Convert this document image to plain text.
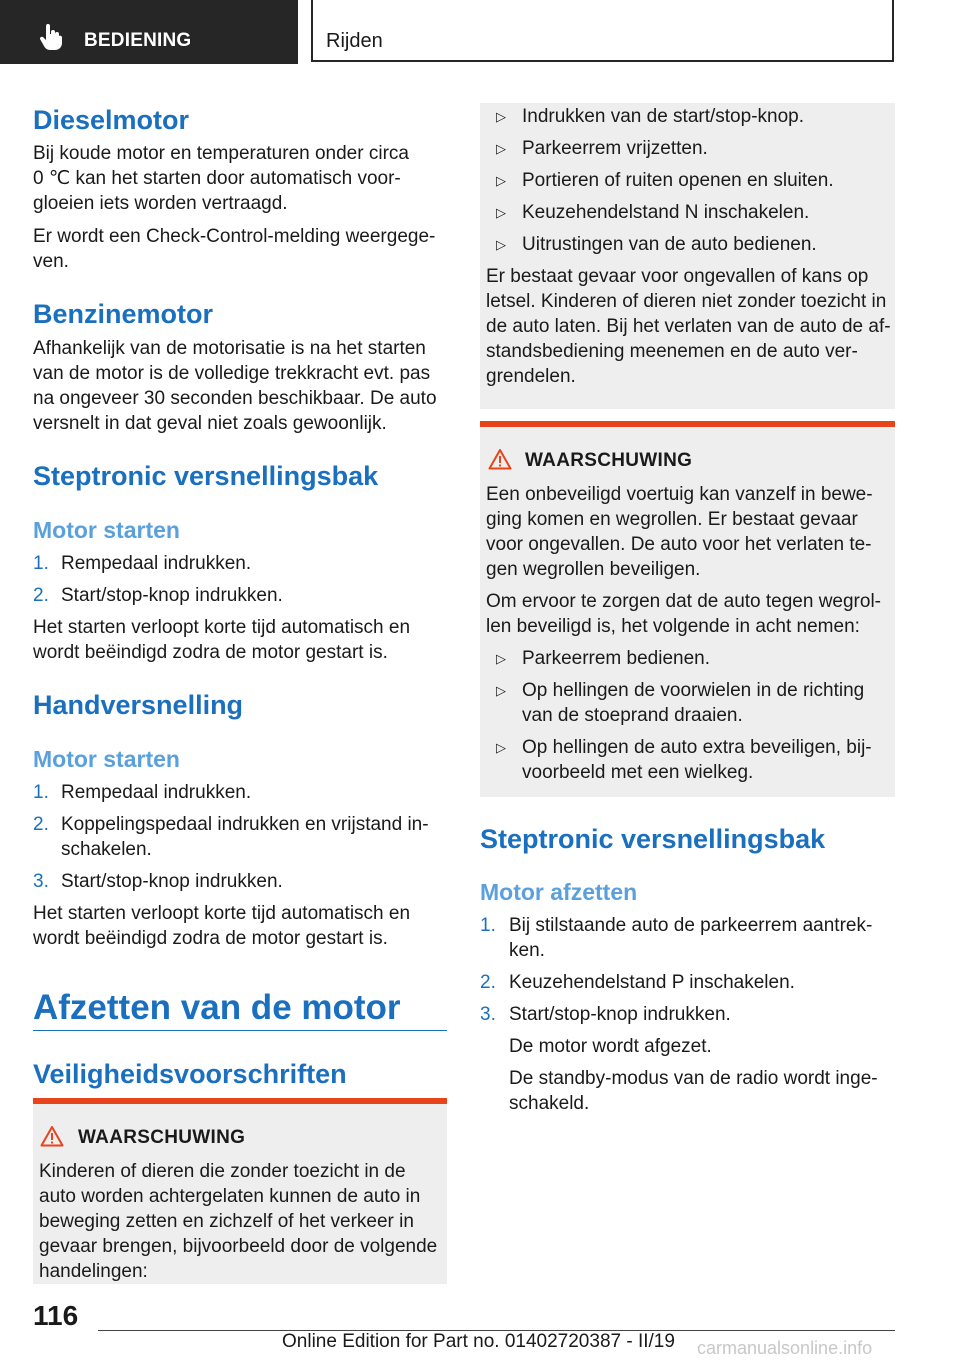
BEDIENING	Rijden
Dieselmotor
Bij koude motor en temperaturen onder circa
0 ℃ kan het starten door automatisch voor-
gloeien iets worden vertraagd.
Er wordt een Check-Control-melding weergege-
ven.
Benzinemotor
Afhankelijk van de motorisatie is na het starten
van de motor is de volledige trekkracht evt. pas
na ongeveer 30 seconden beschikbaar. De auto
versnelt in dat geval niet zoals gewoonlijk.
Steptronic versnellingsbak
Motor starten
1. Rempedaal indrukken.
2. Start/stop-knop indrukken.
Het starten verloopt korte tijd automatisch en
wordt beëindigd zodra de motor gestart is.
Handversnelling
Motor starten
1. Rempedaal indrukken.
2. Koppelingspedaal indrukken en vrijstand in-
schakelen.
3. Start/stop-knop indrukken.
Het starten verloopt korte tijd automatisch en
wordt beëindigd zodra de motor gestart is.
Afzetten van de motor
Veiligheidsvoorschriften
WAARSCHUWING
Kinderen of dieren die zonder toezicht in de
auto worden achtergelaten kunnen de auto in
beweging zetten en zichzelf of het verkeer in
gevaar brengen, bijvoorbeeld door de volgende
handelingen:
▷ Indrukken van de start/stop-knop.
▷ Parkeerrem vrijzetten.
▷ Portieren of ruiten openen en sluiten.
▷ Keuzehendelstand N inschakelen.
▷ Uitrustingen van de auto bedienen.
Er bestaat gevaar voor ongevallen of kans op
letsel. Kinderen of dieren niet zonder toezicht in
de auto laten. Bij het verlaten van de auto de af-
standsbediening meenemen en de auto ver-
grendelen.
WAARSCHUWING
Een onbeveiligd voertuig kan vanzelf in bewe-
ging komen en wegrollen. Er bestaat gevaar
voor ongevallen. De auto voor het verlaten te-
gen wegrollen beveiligen.
Om ervoor te zorgen dat de auto tegen wegrol-
len beveiligd is, het volgende in acht nemen:
▷ Parkeerrem bedienen.
▷ Op hellingen de voorwielen in de richting
van de stoeprand draaien.
▷ Op hellingen de auto extra beveiligen, bij-
voorbeeld met een wielkeg.
Steptronic versnellingsbak
Motor afzetten
1. Bij stilstaande auto de parkeerrem aantrek-
ken.
2. Keuzehendelstand P inschakelen.
3. Start/stop-knop indrukken.
De motor wordt afgezet.
De standby-modus van de radio wordt inge-
schakeld.
116
Online Edition for Part no. 01402720387 - II/19 carmanualsonline.info
